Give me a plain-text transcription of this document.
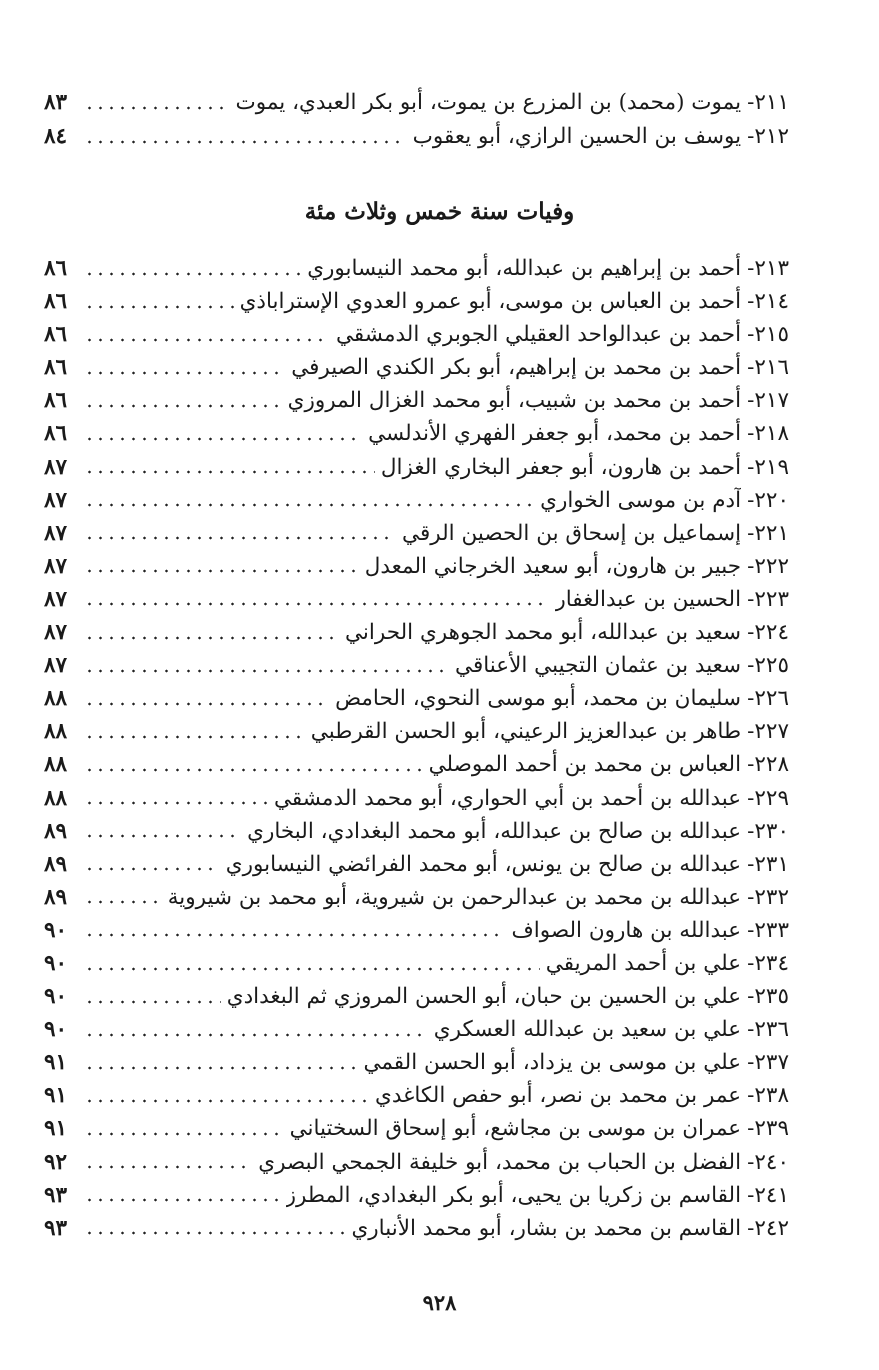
٢١١-
يموت (محمد) بن المزرع بن يموت، أبو بكر العبدي، يموت
٨٣
٢١٢-
يوسف بن الحسين الرازي، أبو يعقوب
٨٤
وفيات سنة خمس وثلاث مئة
٢١٣-
أحمد بن إبراهيم بن عبدالله، أبو محمد النيسابوري
٨٦
٢١٤-
أحمد بن العباس بن موسى، أبو عمرو العدوي الإستراباذي
٨٦
٢١٥-
أحمد بن عبدالواحد العقيلي الجوبري الدمشقي
٨٦
٢١٦-
أحمد بن محمد بن إبراهيم، أبو بكر الكندي الصيرفي
٨٦
٢١٧-
أحمد بن محمد بن شبيب، أبو محمد الغزال المروزي
٨٦
٢١٨-
أحمد بن محمد، أبو جعفر الفهري الأندلسي
٨٦
٢١٩-
أحمد بن هارون، أبو جعفر البخاري الغزال
٨٧
٢٢٠-
آدم بن موسى الخواري
٨٧
٢٢١-
إسماعيل بن إسحاق بن الحصين الرقي
٨٧
٢٢٢-
جبير بن هارون، أبو سعيد الخرجاني المعدل
٨٧
٢٢٣-
الحسين بن عبدالغفار
٨٧
٢٢٤-
سعيد بن عبدالله، أبو محمد الجوهري الحراني
٨٧
٢٢٥-
سعيد بن عثمان التجيبي الأعناقي
٨٧
٢٢٦-
سليمان بن محمد، أبو موسى النحوي، الحامض
٨٨
٢٢٧-
طاهر بن عبدالعزيز الرعيني، أبو الحسن القرطبي
٨٨
٢٢٨-
العباس بن محمد بن أحمد الموصلي
٨٨
٢٢٩-
عبدالله بن أحمد بن أبي الحواري، أبو محمد الدمشقي
٨٨
٢٣٠-
عبدالله بن صالح بن عبدالله، أبو محمد البغدادي، البخاري
٨٩
٢٣١-
عبدالله بن صالح بن يونس، أبو محمد الفرائضي النيسابوري
٨٩
٢٣٢-
عبدالله بن محمد بن عبدالرحمن بن شيروية، أبو محمد بن شيروية
٨٩
٢٣٣-
عبدالله بن هارون الصواف
٩٠
٢٣٤-
علي بن أحمد المريقي
٩٠
٢٣٥-
علي بن الحسين بن حبان، أبو الحسن المروزي ثم البغدادي
٩٠
٢٣٦-
علي بن سعيد بن عبدالله العسكري
٩٠
٢٣٧-
علي بن موسى بن يزداد، أبو الحسن القمي
٩١
٢٣٨-
عمر بن محمد بن نصر، أبو حفص الكاغدي
٩١
٢٣٩-
عمران بن موسى بن مجاشع، أبو إسحاق السختياني
٩١
٢٤٠-
الفضل بن الحباب بن محمد، أبو خليفة الجمحي البصري
٩٢
٢٤١-
القاسم بن زكريا بن يحيى، أبو بكر البغدادي، المطرز
٩٣
٢٤٢-
القاسم بن محمد بن بشار، أبو محمد الأنباري
٩٣
٩٢٨
